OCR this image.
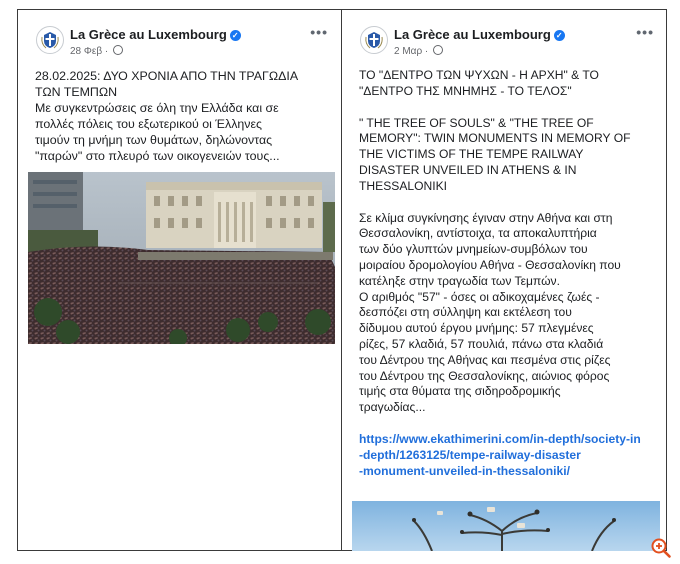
La Grèce au Luxembourg ✓
28 Φεβ ·
•••
28.02.2025: ΔΥΟ ΧΡΟΝΙΑ ΑΠΟ ΤΗΝ ΤΡΑΓΩΔΙΑ
ΤΩΝ ΤΕΜΠΩΝ
Με συγκεντρώσεις σε όλη την Ελλάδα και σε
πολλές πόλεις του εξωτερικού οι Έλληνες
τιμούν τη μνήμη των θυμάτων, δηλώνοντας
"παρών" στο πλευρό των οικογενειών τους...
La Grèce au Luxembourg ✓
2 Μαρ ·
•••
ΤΟ "ΔΕΝΤΡΟ ΤΩΝ ΨΥΧΩΝ - Η ΑΡΧΗ" & ΤΟ
"ΔΕΝΤΡΟ ΤΗΣ ΜΝΗΜΗΣ - ΤΟ ΤΕΛΟΣ"
" THE TREE OF SOULS" & "THE TREE OF
MEMORY": TWIN MONUMENTS IN MEMORY OF
THE VICTIMS OF THE TEMPE RAILWAY
DISASTER UNVEILED IN ATHENS & IN
THESSALONIKI
Σε κλίμα συγκίνησης έγιναν στην Αθήνα και στη
Θεσσαλονίκη, αντίστοιχα, τα αποκαλυπτήρια
των δύο γλυπτών μνημείων-συμβόλων του
μοιραίου δρομολογίου Αθήνα - Θεσσαλονίκη που
κατέληξε στην τραγωδία των Τεμπών.
Ο αριθμός "57" - όσες οι αδικοχαμένες ζωές -
δεσπόζει στη σύλληψη και εκτέλεση του
δίδυμου αυτού έργου μνήμης: 57 πλεγμένες
ρίζες, 57 κλαδιά, 57 πουλιά, πάνω στα κλαδιά
του Δέντρου της Αθήνας και πεσμένα στις ρίζες
του Δέντρου της Θεσσαλονίκης, αιώνιος φόρος
τιμής στα θύματα της σιδηροδρομικής
τραγωδίας...
https://www.ekathimerini.com/in-depth/society-in
-depth/1263125/tempe-railway-disaster
-monument-unveiled-in-thessaloniki/
